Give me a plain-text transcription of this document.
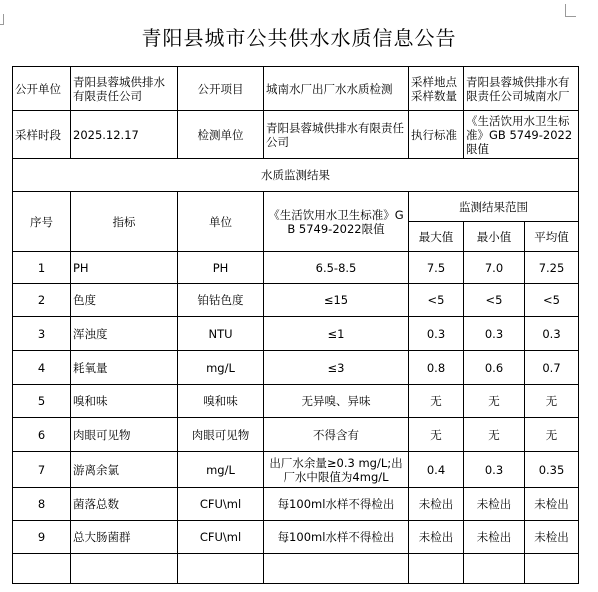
青阳县城市公共供水水质信息公告
公开单位	青阳县蓉城供排水有限责任公司	公开项目	城南水厂出厂水水质检测	采样地点采样数量	青阳县蓉城供排水有限责任公司城南水厂	
采样时段	2025.12.17	检测单位	青阳县蓉城供排水有限责任公司	执行标准	《生活饮用水卫生标准》GB 5749-2022限值	
水质监测结果						
序号	指标	单位	《生活饮用水卫生标准》GB 5749-2022限值	监测结果范围		
				最大值	最小值	平均值
1	PH	PH	6.5-8.5	7.5	7.0	7.25
2	色度	铂钴色度	≤15	<5	<5	<5
3	浑浊度	NTU	≤1	0.3	0.3	0.3
4	耗氧量	mg/L	≤3	0.8	0.6	0.7
5	嗅和味	嗅和味	无异嗅、异味	无	无	无
6	肉眼可见物	肉眼可见物	不得含有	无	无	无
7	游离余氯	mg/L	出厂水余量≥0.3 mg/L;出厂水中限值为4mg/L	0.4	0.3	0.35
8	菌落总数	CFU\ml	每100ml水样不得检出	未检出	未检出	未检出
9	总大肠菌群	CFU\ml	每100ml水样不得检出	未检出	未检出	未检出
